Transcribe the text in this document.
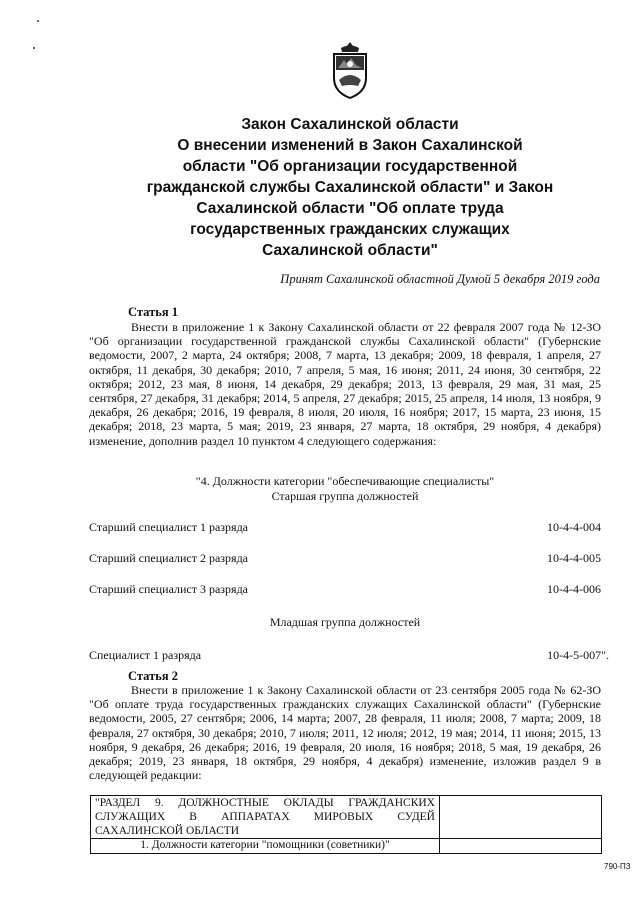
Закон Сахалинской области
О внесении изменений в Закон Сахалинской
области "Об организации государственной
гражданской службы Сахалинской области" и Закон
Сахалинской области "Об оплате труда
государственных гражданских служащих
Сахалинской области"
Принят Сахалинской областной Думой 5 декабря 2019 года
Статья 1
Внести в приложение 1 к Закону Сахалинской области от 22 февраля 2007 года № 12-ЗО "Об организации государственной гражданской службы Сахалинской области" (Губернские ведомости, 2007, 2 марта, 24 октября; 2008, 7 марта, 13 декабря; 2009, 18 февраля, 1 апреля, 27 октября, 11 декабря, 30 декабря; 2010, 7 апреля, 5 мая, 16 июня; 2011, 24 июня, 30 сентября, 22 октября; 2012, 23 мая, 8 июня, 14 декабря, 29 декабря; 2013, 13 февраля, 29 мая, 31 мая, 25 сентября, 27 декабря, 31 декабря; 2014, 5 апреля, 27 декабря; 2015, 25 апреля, 14 июля, 13 ноября, 9 декабря, 26 декабря; 2016, 19 февраля, 8 июля, 20 июля, 16 ноября; 2017, 15 марта, 23 июня, 15 декабря; 2018, 23 марта, 5 мая; 2019, 23 января, 27 марта, 18 октября, 29 ноября, 4 декабря) изменение, дополнив раздел 10 пунктом 4 следующего содержания:
"4. Должности категории "обеспечивающие специалисты"
Старшая группа должностей
Старший специалист 1 разряда	10-4-4-004
Старший специалист 2 разряда	10-4-4-005
Старший специалист 3 разряда	10-4-4-006
Младшая группа должностей
Специалист 1 разряда	10-4-5-007".
Статья 2
Внести в приложение 1 к Закону Сахалинской области от 23 сентября 2005 года № 62-ЗО "Об оплате труда государственных гражданских служащих Сахалинской области" (Губернские ведомости, 2005, 27 сентября; 2006, 14 марта; 2007, 28 февраля, 11 июля; 2008, 7 марта; 2009, 18 февраля, 27 октября, 30 декабря; 2010, 7 июля; 2011, 12 июля; 2012, 19 мая; 2014, 11 июня; 2015, 13 ноября, 9 декабря, 26 декабря; 2016, 19 февраля, 20 июля, 16 ноября; 2018, 5 мая, 19 декабря, 26 декабря; 2019, 23 января, 18 октября, 29 ноября, 4 декабря) изменение, изложив раздел 9 в следующей редакции:
"РАЗДЕЛ 9. ДОЛЖНОСТНЫЕ ОКЛАДЫ ГРАЖДАНСКИХ СЛУЖАЩИХ В АППАРАТАХ МИРОВЫХ СУДЕЙ САХАЛИНСКОЙ ОБЛАСТИ	
1. Должности категории "помощники (советники)"	
790-ПЗ
